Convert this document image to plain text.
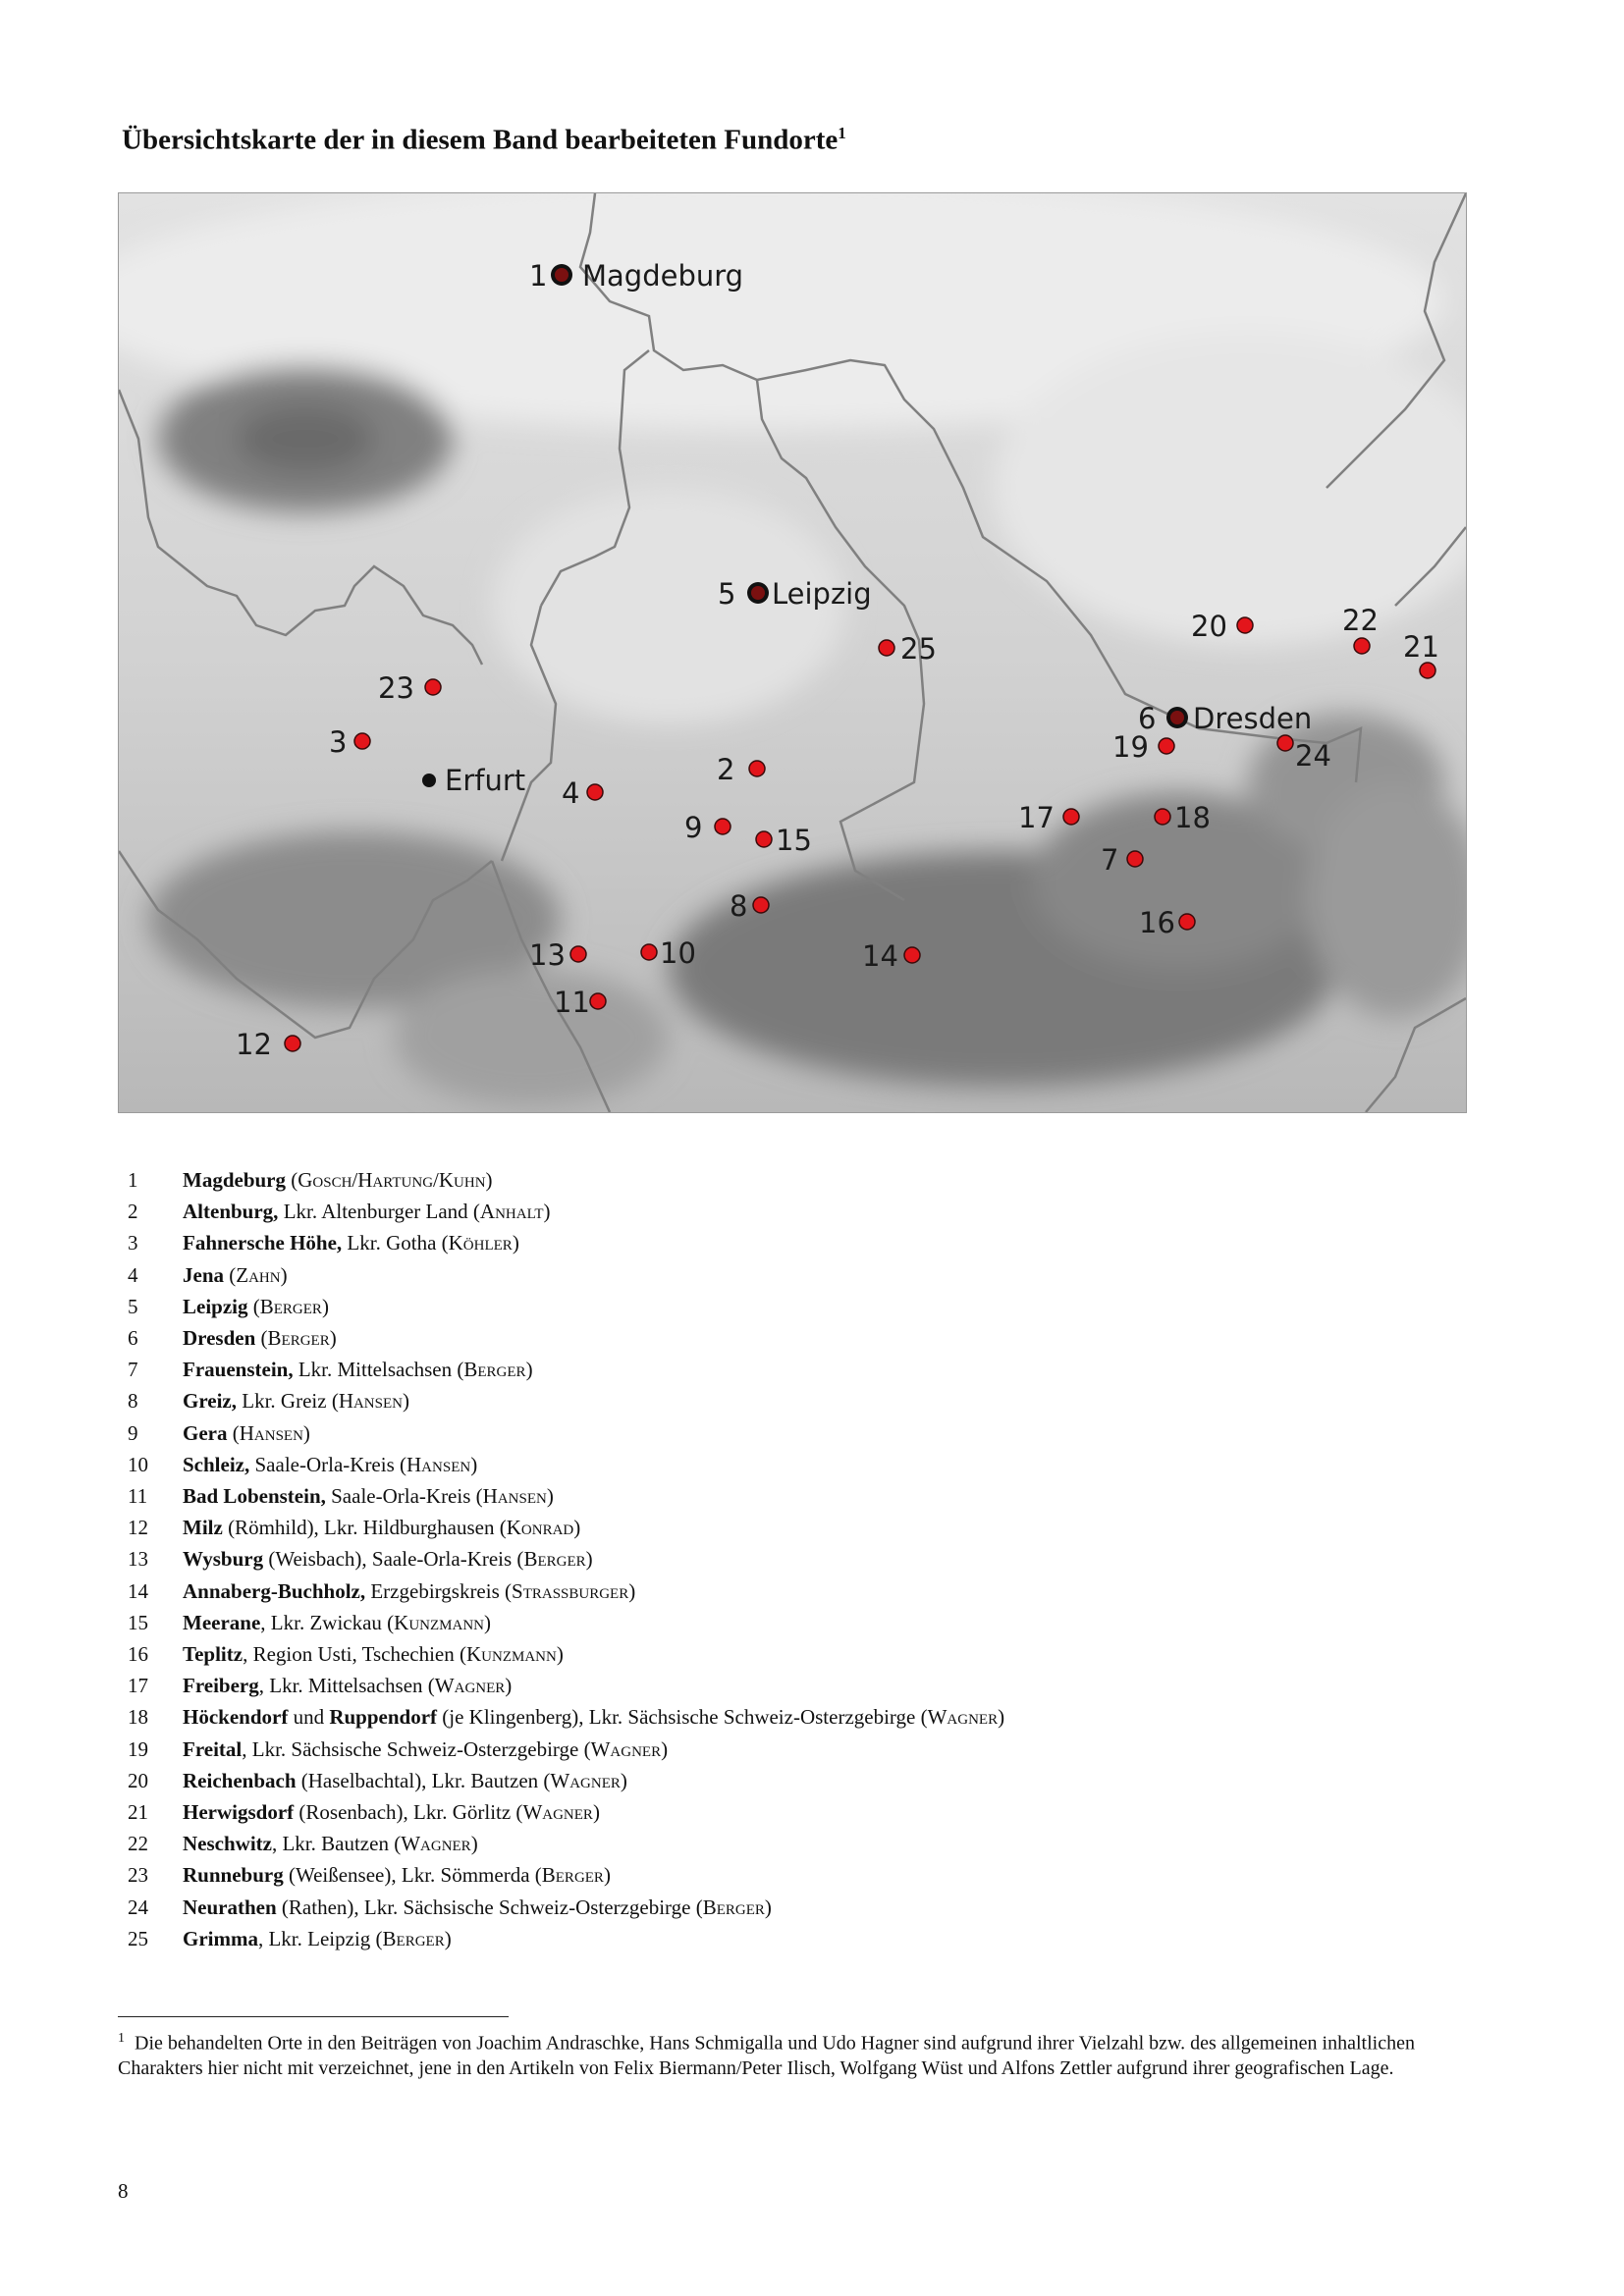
Übersichtskarte der in diesem Band bearbeiteten Fundorte$^1$
1 Magdeburg
5 Leipzig
6 Dresden
Erfurt	2
3
4
7
8
9
10
11
12
13	14
15
16
17	18
19
20
21
22
23
24
25
1	Magdeburg (Gosch/Hartung/Kuhn)
2	Altenburg, Lkr. Altenburger Land (Anhalt)
3	Fahnersche Höhe, Lkr. Gotha (Köhler)
4	Jena (Zahn)
5	Leipzig (Berger)
6	Dresden (Berger)
7	Frauenstein, Lkr. Mittelsachsen (Berger)
8	Greiz, Lkr. Greiz (Hansen)
9	Gera (Hansen)
10	Schleiz, Saale-Orla-Kreis (Hansen)
11	Bad Lobenstein, Saale-Orla-Kreis (Hansen)
12	Milz (Römhild), Lkr. Hildburghausen (Konrad)
13	Wysburg (Weisbach), Saale-Orla-Kreis (Berger)
14	Annaberg-Buchholz, Erzgebirgskreis (Strassburger)
15	Meerane, Lkr. Zwickau (Kunzmann)
16	Teplitz, Region Usti, Tschechien (Kunzmann)
17	Freiberg, Lkr. Mittelsachsen (Wagner)
18	Höckendorf und Ruppendorf (je Klingenberg), Lkr. Sächsische Schweiz-Osterzgebirge (Wagner)
19	Freital, Lkr. Sächsische Schweiz-Osterzgebirge (Wagner)
20	Reichenbach (Haselbachtal), Lkr. Bautzen (Wagner)
21	Herwigsdorf (Rosenbach), Lkr. Görlitz (Wagner)
22	Neschwitz, Lkr. Bautzen (Wagner)
23	Runneburg (Weißensee), Lkr. Sömmerda (Berger)
24	Neurathen (Rathen), Lkr. Sächsische Schweiz-Osterzgebirge (Berger)
25	Grimma, Lkr. Leipzig (Berger)
$^1$ Die behandelten Orte in den Beiträgen von Joachim Andraschke, Hans Schmigalla und Udo Hagner sind aufgrund ihrer Vielzahl bzw. des allgemeinen inhaltlichen Charakters hier nicht mit verzeichnet, jene in den Artikeln von Felix Biermann/Peter Ilisch, Wolfgang Wüst und Alfons Zettler aufgrund ihrer geografischen Lage.
8
